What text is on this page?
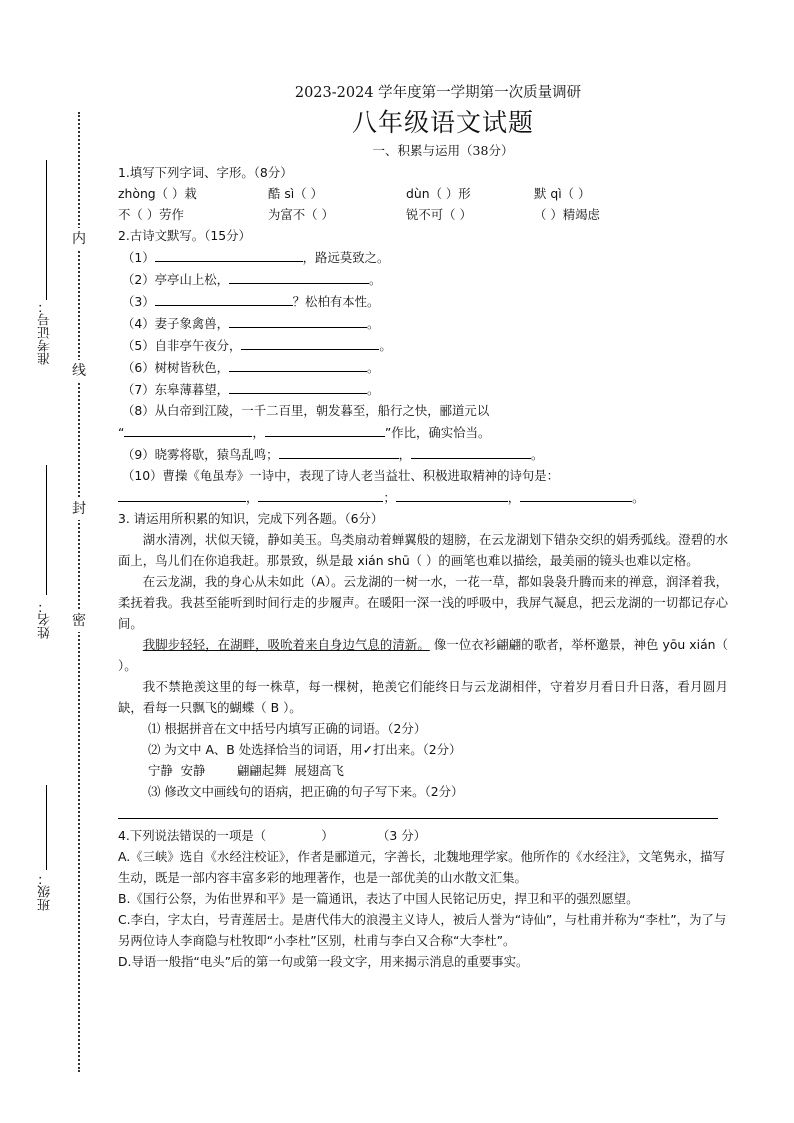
内
线
封
密
准考证号：
姓名：
班级：
2023-2024 学年度第一学期第一次质量调研
八年级语文试题
一、积累与运用（38分）
1.填写下列字词、字形。（8分）
zhòng（ ）栽	酷 sì（ ）	dùn（ ）形	默 qì（ ）
不（ ）劳作	为富不（ ）	锐不可（ ）	（ ）精竭虑
2.古诗文默写。（15分）
（1）	，路远莫致之。
（2）亭亭山上松，	。
（3）	？松柏有本性。
（4）妻子象禽兽，	。
（5）自非亭午夜分，	。
（6）树树皆秋色，	。
（7）东皋薄暮望，	。
（8）从白帝到江陵，一千二百里，朝发暮至，船行之快，郦道元以
“	，	”作比，确实恰当。
（9）晓雾将歇，猿鸟乱鸣；	，	。
（10）曹操《龟虽寿》一诗中，表现了诗人老当益壮、积极进取精神的诗句是：
，	；	，	。
3. 请运用所积累的知识，完成下列各题。（6分）
湖水清冽，状似天镜，静如美玉。鸟类扇动着蝉翼般的翅膀，在云龙湖划下错杂交织的娟秀弧线。澄碧的水面上，鸟儿们在你追我赶。那景致，纵是最 xián shū（ ）的画笔也难以描绘，最美丽的镜头也难以定格。
在云龙湖，我的身心从未如此（A）。云龙湖的一树一水，一花一草，都如袅袅升腾而来的禅意，润泽着我，柔抚着我。我甚至能听到时间行走的步履声。在暖阳一深一浅的呼吸中，我屏气凝息，把云龙湖的一切都记存心间。
我脚步轻轻，在湖畔，吸吮着来自身边气息的清新。 像一位衣衫翩翩的歌者，举杯邀景，神色 yōu xián（ ）。
我不禁艳羡这里的每一株草，每一棵树，艳羡它们能终日与云龙湖相伴，守着岁月看日升日落，看月圆月缺，看每一只飘飞的蝴蝶（ B ）。
⑴ 根据拼音在文中括号内填写正确的词语。（2分）
⑵ 为文中 A、B 处选择恰当的词语，用✓打出来。（2分）
宁静  安静        翩翩起舞  展翅高飞
⑶ 修改文中画线句的语病，把正确的句子写下来。（2分）
4.下列说法错误的一项是（              ）           （3 分）
A.《三峡》选自《水经注校证》，作者是郦道元，字善长，北魏地理学家。他所作的《水经注》，文笔隽永，描写生动，既是一部内容丰富多彩的地理著作，也是一部优美的山水散文汇集。
B.《国行公祭，为佑世界和平》是一篇通讯，表达了中国人民铭记历史，捍卫和平的强烈愿望。
C.李白，字太白，号青莲居士。是唐代伟大的浪漫主义诗人，被后人誉为“诗仙”，与杜甫并称为“李杜”，为了与另两位诗人李商隐与杜牧即“小李杜”区别，杜甫与李白又合称“大李杜”。
D.导语一般指“电头”后的第一句或第一段文字，用来揭示消息的重要事实。
